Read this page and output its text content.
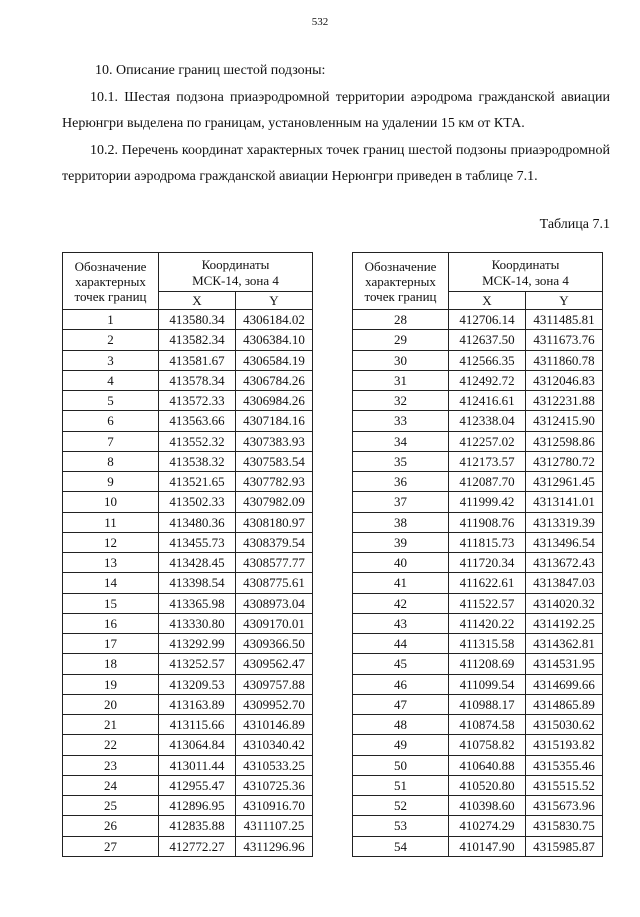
532

10. Описание границ шестой подзоны:

10.1. Шестая подзона приаэродромной территории аэродрома гражданской авиации Нерюнгри выделена по границам, установленным на удалении 15 км от КТА.

10.2. Перечень координат характерных точек границ шестой подзоны приаэродромной территории аэродрома гражданской авиации Нерюнгри приведен в таблице 7.1.

Таблица 7.1
Обозначение характерных точек границ	Координаты
МСК-14, зона 4	
	X	Y
1	413580.34	4306184.02
2	413582.34	4306384.10
3	413581.67	4306584.19
4	413578.34	4306784.26
5	413572.33	4306984.26
6	413563.66	4307184.16
7	413552.32	4307383.93
8	413538.32	4307583.54
9	413521.65	4307782.93
10	413502.33	4307982.09
11	413480.36	4308180.97
12	413455.73	4308379.54
13	413428.45	4308577.77
14	413398.54	4308775.61
15	413365.98	4308973.04
16	413330.80	4309170.01
17	413292.99	4309366.50
18	413252.57	4309562.47
19	413209.53	4309757.88
20	413163.89	4309952.70
21	413115.66	4310146.89
22	413064.84	4310340.42
23	413011.44	4310533.25
24	412955.47	4310725.36
25	412896.95	4310916.70
26	412835.88	4311107.25
27	412772.27	4311296.96
Обозначение характерных точек границ	Координаты
МСК-14, зона 4	
	X	Y
28	412706.14	4311485.81
29	412637.50	4311673.76
30	412566.35	4311860.78
31	412492.72	4312046.83
32	412416.61	4312231.88
33	412338.04	4312415.90
34	412257.02	4312598.86
35	412173.57	4312780.72
36	412087.70	4312961.45
37	411999.42	4313141.01
38	411908.76	4313319.39
39	411815.73	4313496.54
40	411720.34	4313672.43
41	411622.61	4313847.03
42	411522.57	4314020.32
43	411420.22	4314192.25
44	411315.58	4314362.81
45	411208.69	4314531.95
46	411099.54	4314699.66
47	410988.17	4314865.89
48	410874.58	4315030.62
49	410758.82	4315193.82
50	410640.88	4315355.46
51	410520.80	4315515.52
52	410398.60	4315673.96
53	410274.29	4315830.75
54	410147.90	4315985.87
